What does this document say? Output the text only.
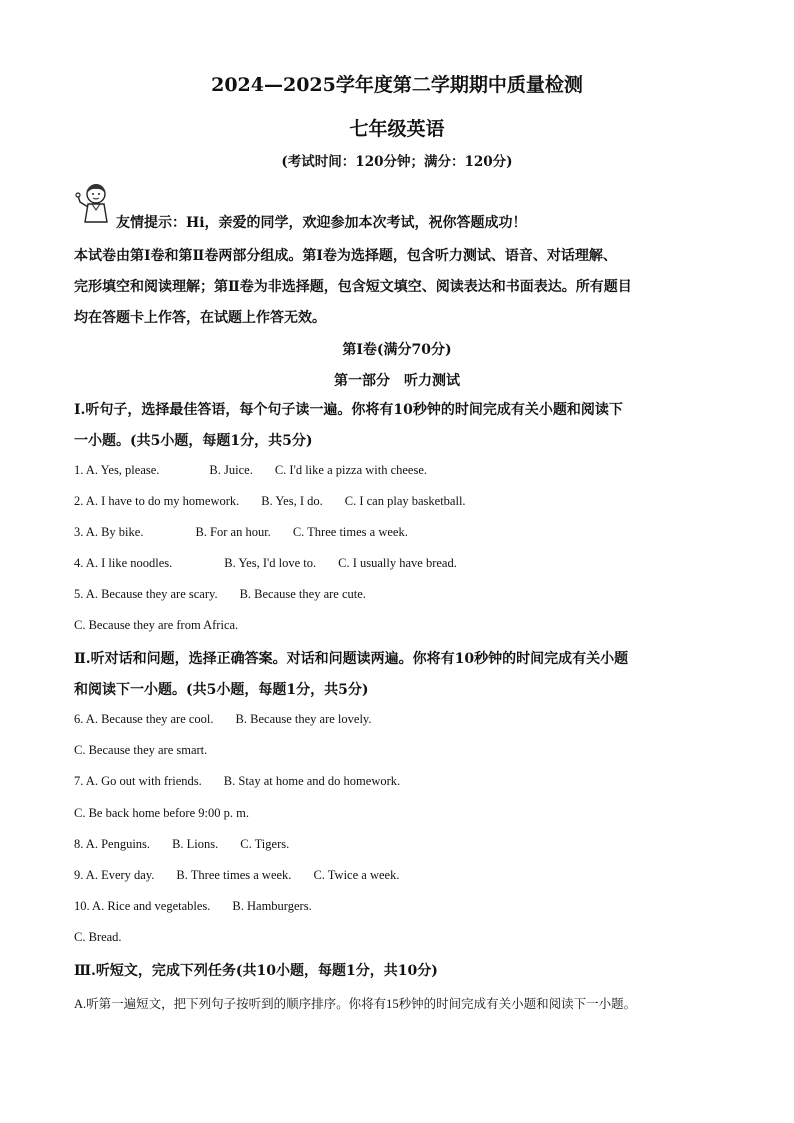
2024—2025学年度第二学期期中质量检测
七年级英语
(考试时间：120分钟；满分：120分)
友情提示：Hi，亲爱的同学，欢迎参加本次考试，祝你答题成功！

本试卷由第Ⅰ卷和第Ⅱ卷两部分组成。第Ⅰ卷为选择题，包含听力测试、语音、对话理解、

完形填空和阅读理解；第Ⅱ卷为非选择题，包含短文填空、阅读表达和书面表达。所有题目

均在答题卡上作答，在试题上作答无效。

第Ⅰ卷(满分70分)
第一部分　听力测试

Ⅰ.听句子，选择最佳答语，每个句子读一遍。你将有10秒钟的时间完成有关小题和阅读下

一小题。(共5小题，每题1分，共5分)

1. A. Yes, please.	B. Juice. C. I'd like a pizza with cheese.
2. A. I have to do my homework. B. Yes, I do. C. I can play basketball.
3. A. By bike.	B. For an hour. C. Three times a week.
4. A. I like noodles.	B. Yes, I'd love to. C. I usually have bread.
5. A. Because they are scary. B. Because they are cute.
C. Because they are from Africa.

Ⅱ.听对话和问题，选择正确答案。对话和问题读两遍。你将有10秒钟的时间完成有关小题

和阅读下一小题。(共5小题，每题1分，共5分)

6. A. Because they are cool. B. Because they are lovely.
C. Because they are smart.
7. A. Go out with friends. B. Stay at home and do homework.
C. Be back home before 9:00 p. m.
8. A. Penguins. B. Lions. C. Tigers.
9. A. Every day. B. Three times a week. C. Twice a week.
10. A. Rice and vegetables. B. Hamburgers.
C. Bread.

Ⅲ.听短文，完成下列任务(共10小题，每题1分，共10分)

A.听第一遍短文，把下列句子按听到的顺序排序。你将有15秒钟的时间完成有关小题和阅读下一小题。
